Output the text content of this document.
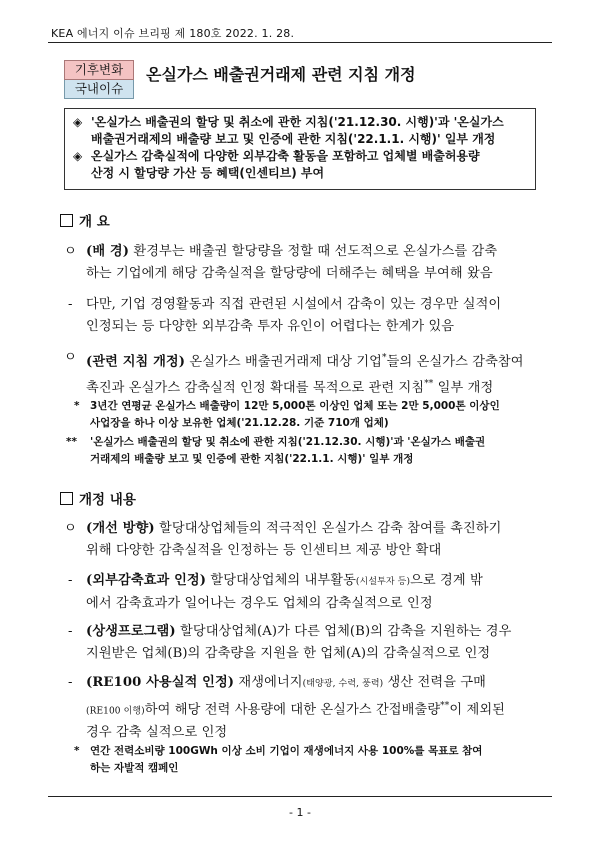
KEA 에너지 이슈 브리핑 제 180호 2022. 1. 28.
기후변화
국내이슈
온실가스 배출권거래제 관련 지침 개정
◈ '온실가스 배출권의 할당 및 취소에 관한 지침('21.12.30. 시행)'과 '온실가스
배출권거래제의 배출량 보고 및 인증에 관한 지침('22.1.1. 시행)' 일부 개정
◈ 온실가스 감축실적에 다양한 외부감축 활동을 포함하고 업체별 배출허용량
산정 시 할당량 가산 등 혜택(인센티브) 부여
개 요
ㅇ (배 경) 환경부는 배출권 할당량을 정할 때 선도적으로 온실가스를 감축
하는 기업에게 해당 감축실적을 할당량에 더해주는 혜택을 부여해 왔음
- 다만, 기업 경영활동과 직접 관련된 시설에서 감축이 있는 경우만 실적이
인정되는 등 다양한 외부감축 투자 유인이 어렵다는 한계가 있음
ㅇ (관련 지침 개정) 온실가스 배출권거래제 대상 기업*들의 온실가스 감축참여
촉진과 온실가스 감축실적 인정 확대를 목적으로 관련 지침** 일부 개정
* 3년간 연평균 온실가스 배출량이 12만 5,000톤 이상인 업체 또는 2만 5,000톤 이상인
사업장을 하나 이상 보유한 업체('21.12.28. 기준 710개 업체)
** '온실가스 배출권의 할당 및 취소에 관한 지침('21.12.30. 시행)'과 '온실가스 배출권
거래제의 배출량 보고 및 인증에 관한 지침('22.1.1. 시행)' 일부 개정
개정 내용
ㅇ (개선 방향) 할당대상업체들의 적극적인 온실가스 감축 참여를 촉진하기
위해 다양한 감축실적을 인정하는 등 인센티브 제공 방안 확대
- (외부감축효과 인정) 할당대상업체의 내부활동(시설투자 등)으로 경계 밖
에서 감축효과가 일어나는 경우도 업체의 감축실적으로 인정
- (상생프로그램) 할당대상업체(A)가 다른 업체(B)의 감축을 지원하는 경우
지원받은 업체(B)의 감축량을 지원을 한 업체(A)의 감축실적으로 인정
- (RE100 사용실적 인정) 재생에너지(태양광, 수력, 풍력) 생산 전력을 구매
(RE100 이행)하여 해당 전력 사용량에 대한 온실가스 간접배출량**이 제외된
경우 감축 실적으로 인정
* 연간 전력소비량 100GWh 이상 소비 기업이 재생에너지 사용 100%를 목표로 참여
하는 자발적 캠페인
- 1 -
